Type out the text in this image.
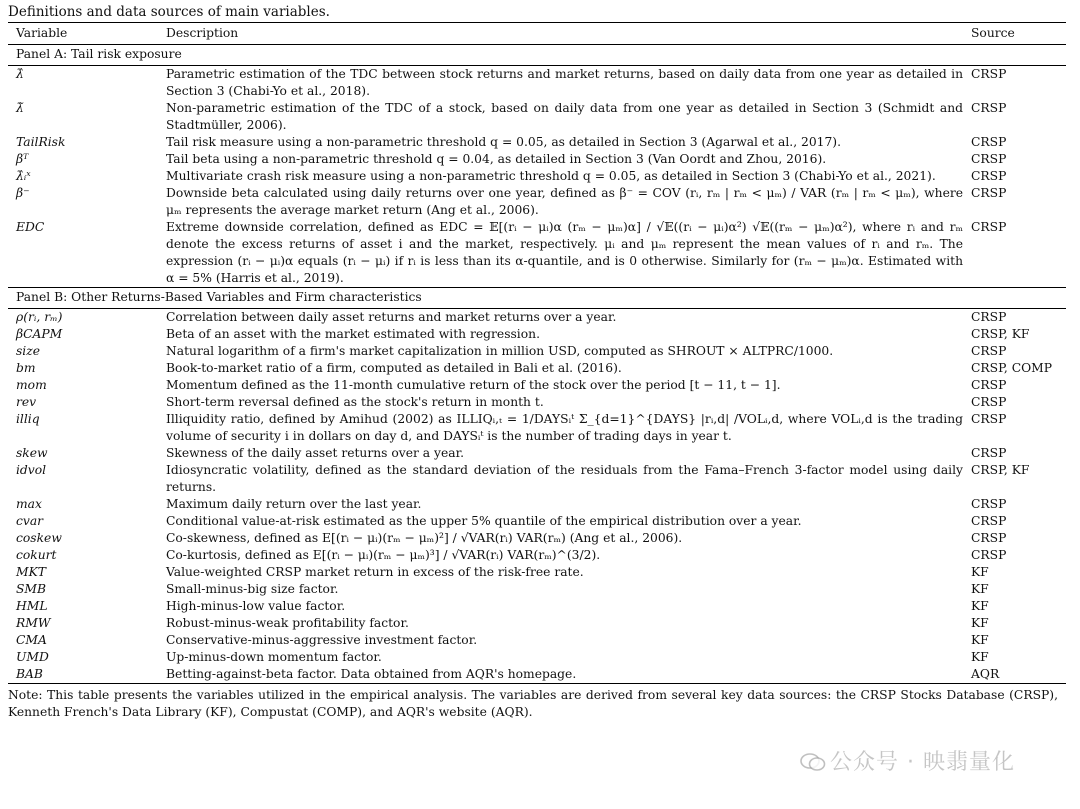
Definitions and data sources of main variables.
Variable	Description	Source
Panel A: Tail risk exposure		
λ̂	Parametric estimation of the TDC between stock returns and market returns, based on daily data from one year as detailed in Section 3 (Chabi-Yo et al., 2018).	CRSP
λ̃	Non-parametric estimation of the TDC of a stock, based on daily data from one year as detailed in Section 3 (Schmidt and Stadtmüller, 2006).	CRSP
TailRisk	Tail risk measure using a non-parametric threshold q = 0.05, as detailed in Section 3 (Agarwal et al., 2017).	CRSP
βᵀ	Tail beta using a non-parametric threshold q = 0.04, as detailed in Section 3 (Van Oordt and Zhou, 2016).	CRSP
λ̂ᵢˣ	Multivariate crash risk measure using a non-parametric threshold q = 0.05, as detailed in Section 3 (Chabi-Yo et al., 2021).	CRSP
β⁻	Downside beta calculated using daily returns over one year, defined as β⁻ = COV (rᵢ, rₘ | rₘ < μₘ) / VAR (rₘ | rₘ < μₘ), where μₘ represents the average market return (Ang et al., 2006).	CRSP
EDC	Extreme downside correlation, defined as EDC = 𝔼[(rᵢ − μᵢ)α (rₘ − μₘ)α] / √𝔼((rᵢ − μᵢ)α²) √𝔼((rₘ − μₘ)α²), where rᵢ and rₘ denote the excess returns of asset i and the market, respectively. μᵢ and μₘ represent the mean values of rᵢ and rₘ. The expression (rᵢ − μᵢ)α equals (rᵢ − μᵢ) if rᵢ is less than its α-quantile, and is 0 otherwise. Similarly for (rₘ − μₘ)α. Estimated with α = 5% (Harris et al., 2019).	CRSP
Panel B: Other Returns-Based Variables and Firm characteristics		
ρ(rᵢ, rₘ)	Correlation between daily asset returns and market returns over a year.	CRSP
βCAPM	Beta of an asset with the market estimated with regression.	CRSP, KF
size	Natural logarithm of a firm's market capitalization in million USD, computed as SHROUT × ALTPRC/1000.	CRSP
bm	Book-to-market ratio of a firm, computed as detailed in Bali et al. (2016).	CRSP, COMP
mom	Momentum defined as the 11-month cumulative return of the stock over the period [t − 11, t − 1].	CRSP
rev	Short-term reversal defined as the stock's return in month t.	CRSP
illiq	Illiquidity ratio, defined by Amihud (2002) as ILLIQᵢ,ₜ = 1/DAYSᵢᵗ Σ_{d=1}^{DAYS} |rᵢ,d| /VOLᵢ,d, where VOLᵢ,d is the trading volume of security i in dollars on day d, and DAYSᵢᵗ is the number of trading days in year t.	CRSP
skew	Skewness of the daily asset returns over a year.	CRSP
idvol	Idiosyncratic volatility, defined as the standard deviation of the residuals from the Fama–French 3-factor model using daily returns.	CRSP, KF
max	Maximum daily return over the last year.	CRSP
cvar	Conditional value-at-risk estimated as the upper 5% quantile of the empirical distribution over a year.	CRSP
coskew	Co-skewness, defined as E[(rᵢ − μᵢ)(rₘ − μₘ)²] / √VAR(rᵢ) VAR(rₘ) (Ang et al., 2006).	CRSP
cokurt	Co-kurtosis, defined as E[(rᵢ − μᵢ)(rₘ − μₘ)³] / √VAR(rᵢ) VAR(rₘ)^(3/2).	CRSP
MKT	Value-weighted CRSP market return in excess of the risk-free rate.	KF
SMB	Small-minus-big size factor.	KF
HML	High-minus-low value factor.	KF
RMW	Robust-minus-weak profitability factor.	KF
CMA	Conservative-minus-aggressive investment factor.	KF
UMD	Up-minus-down momentum factor.	KF
BAB	Betting-against-beta factor. Data obtained from AQR's homepage.	AQR
Note: This table presents the variables utilized in the empirical analysis. The variables are derived from several key data sources: the CRSP Stocks Database (CRSP), Kenneth French's Data Library (KF), Compustat (COMP), and AQR's website (AQR).
公众号 · 映翡量化
